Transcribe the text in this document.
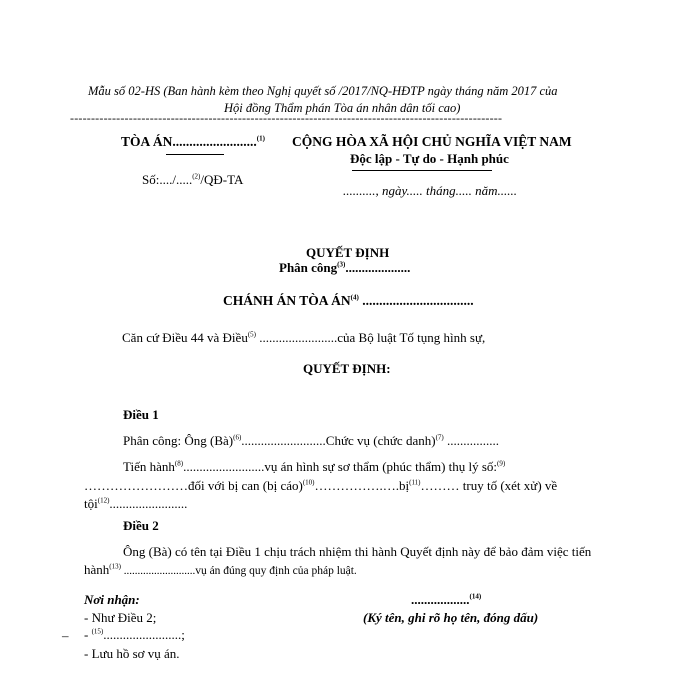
Mẫu số 02-HS (Ban hành kèm theo Nghị quyết số /2017/NQ-HĐTP ngày tháng năm 2017 của
Hội đồng Thẩm phán Tòa án nhân dân tối cao)
-------------------------------------------------------------------------------------------------------
TÒA ÁN.........................$^{(1)}$
Số:..../.....$^{(2)}$/QĐ-TA
CỘNG HÒA XÃ HỘI CHỦ NGHĨA VIỆT NAM
Độc lập - Tự do - Hạnh phúc
.........., ngày..... tháng..... năm......
QUYẾT ĐỊNH
Phân công$^{(3)}$....................
CHÁNH ÁN TÒA ÁN$^{(4)}$ .................................
Căn cứ Điều 44 và Điều$^{(5)}$ ........................của Bộ luật Tố tụng hình sự,
QUYẾT ĐỊNH:
Điều 1
Phân công: Ông (Bà)$^{(6)}$..........................Chức vụ (chức danh)$^{(7)}$ ................
Tiến hành$^{(8)}$.........................vụ án hình sự sơ thẩm (phúc thẩm) thụ lý số:$^{(9)}$
……………………đối với bị can (bị cáo)$^{(10)}$…………….….bị$^{(11)}$……… truy tố (xét xử) về
tội$^{(12)}$........................
Điều 2
Ông (Bà) có tên tại Điều 1 chịu trách nhiệm thi hành Quyết định này để bảo đảm việc tiến
hành$^{(13)}$ ..........................vụ án đúng quy định của pháp luật.
Nơi nhận:
- Như Điều 2;
– - $^{(15)}$........................;
- Lưu hồ sơ vụ án.
..................$^{(14)}$
(Ký tên, ghi rõ họ tên, đóng dấu)
